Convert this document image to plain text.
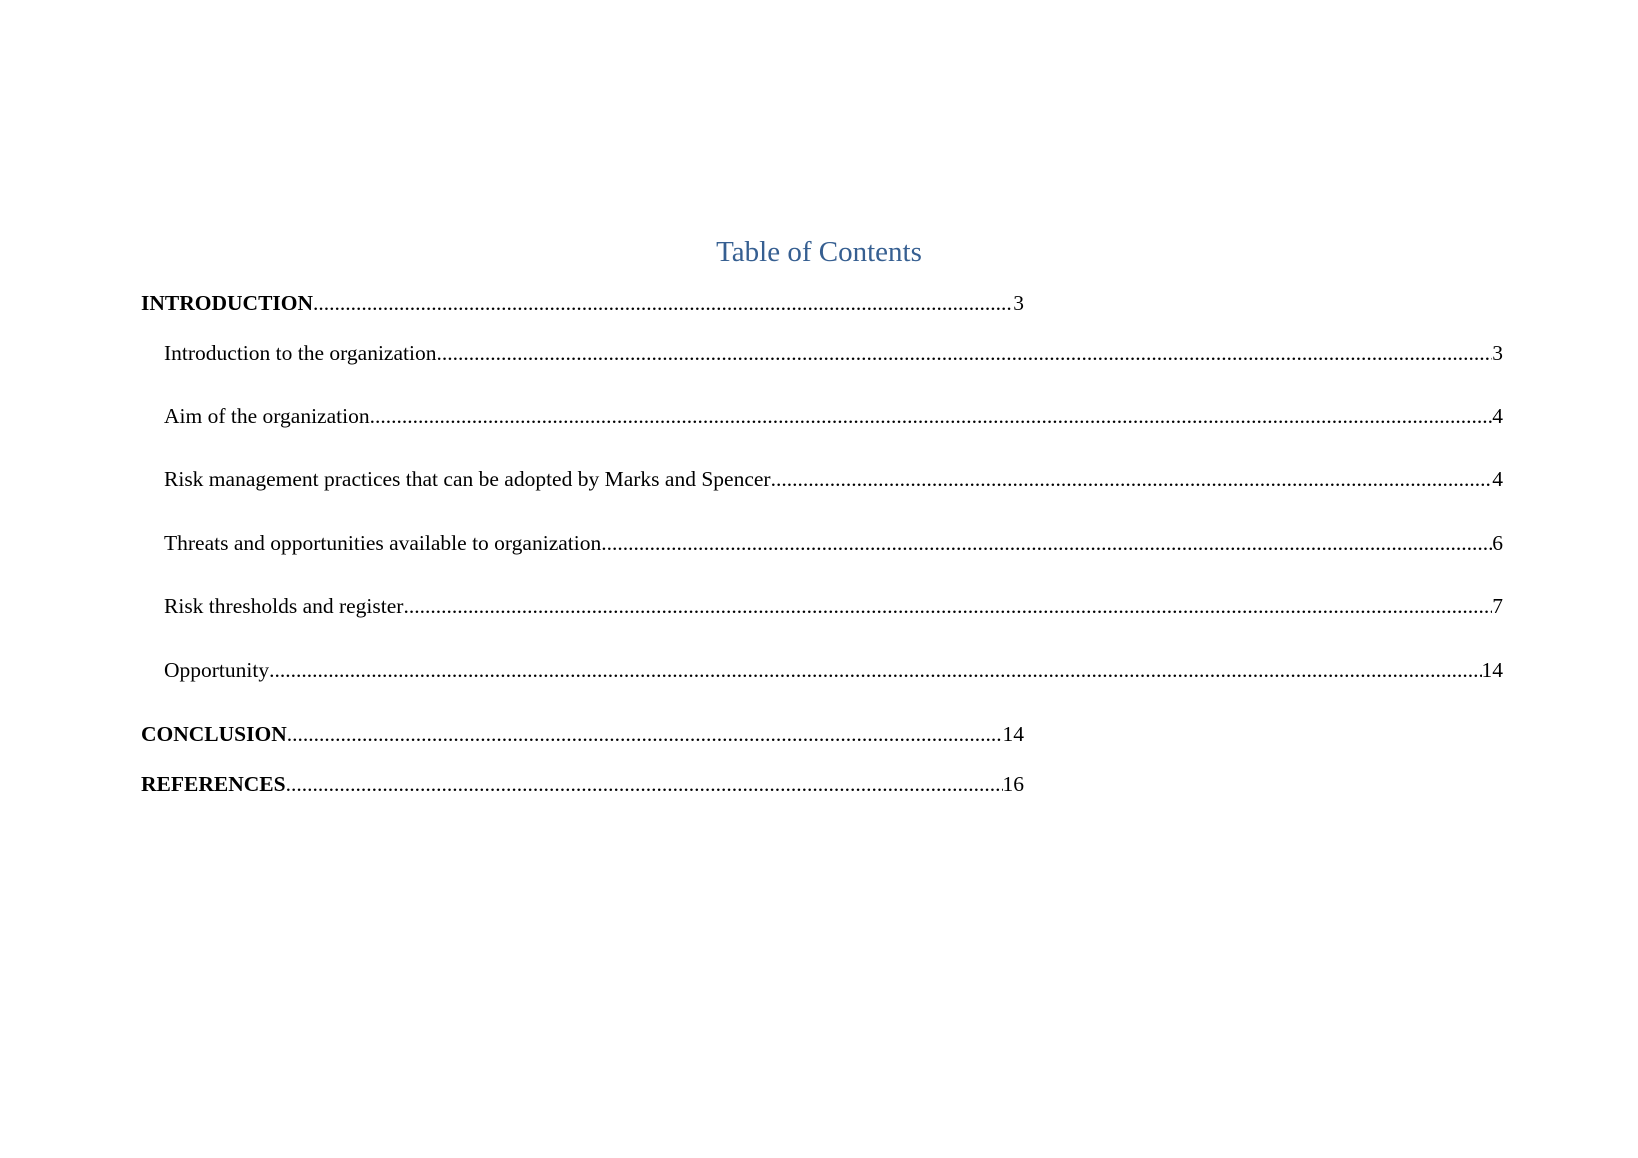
Table of Contents
INTRODUCTION .....	3
Introduction to the organization .....	3
Aim of the organization .....	4
Risk management practices that can be adopted by Marks and Spencer .....	4
Threats and opportunities available to organization .....	6
Risk thresholds and register .....	7
Opportunity .....	14
CONCLUSION .....	14
REFERENCES .....	16
